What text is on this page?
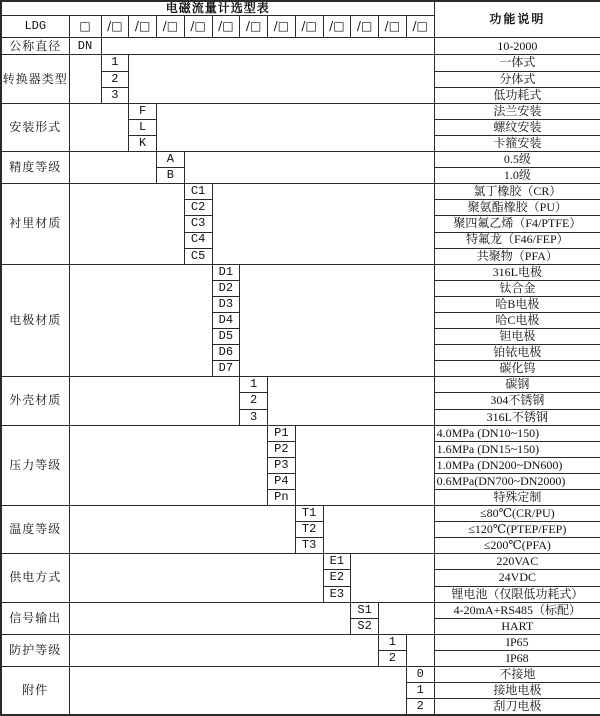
电磁流量计选型表														功能说明
LDG	□	/□	/□	/□	/□	/□	/□	/□	/□	/□	/□	/□	/□	
公称直径	DN													10-2000
转换器类型		1												一体式
		2												分体式
		3												低功耗式
安装形式			F											法兰安装
			L											螺纹安装
			K											卡箍安装
精度等级				A										0.5级
				B										1.0级
衬里材质					C1									氯丁橡胶（CR）
					C2									聚氨酯橡胶（PU）
					C3									聚四氟乙烯（F4/PTFE）
					C4									特氟龙（F46/FEP）
					C5									共聚物（PFA）
电极材质						D1								316L电极
						D2								钛合金
						D3								哈B电极
						D4								哈C电极
						D5								钽电极
						D6								铂铱电极
						D7								碳化钨
外壳材质							1							碳钢
							2							304不锈钢
							3							316L不锈钢
压力等级								P1						4.0MPa (DN10~150)
								P2						1.6MPa (DN15~150)
								P3						1.0MPa (DN200~DN600)
								P4						0.6MPa(DN700~DN2000)
								Pn						特殊定制
温度等级									T1					≤80℃(CR/PU)
									T2					≤120℃(PTEP/FEP)
									T3					≤200℃(PFA)
供电方式										E1				220VAC
										E2				24VDC
										E3				锂电池（仅限低功耗式）
信号输出											S1			4-20mA+RS485（标配）
											S2			HART
防护等级												1		IP65
												2		IP68
附件													0	不接地
													1	接地电极
													2	刮刀电极
